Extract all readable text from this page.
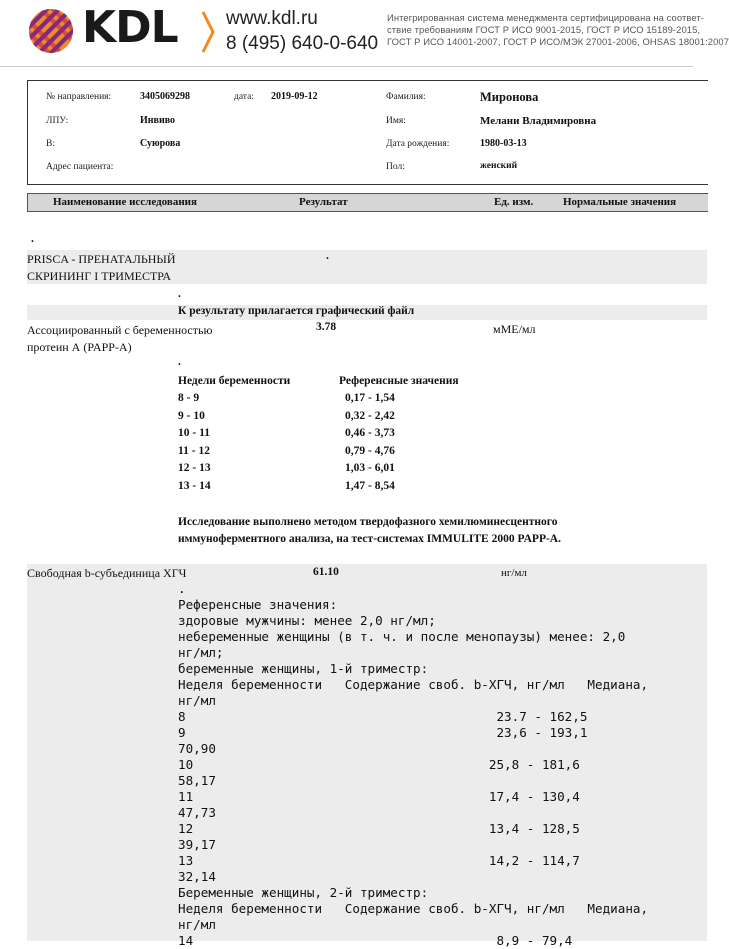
KDL	www.kdl.ru
8 (495) 640-0-640
Интегрированная система менеджмента сертифицирована на соответ-
ствие требованиям ГОСТ Р ИСО 9001-2015, ГОСТ Р ИСО 15189-2015,
ГОСТ Р ИСО 14001-2007, ГОСТ Р ИСО/МЭК 27001-2006, OHSAS 18001:2007
№ направления:	3405069298	дата: 2019-09-12	Фамилия:	Миронова
ЛПУ:	Инвиво	Имя:	Мелани Владимировна
В:	Суюрова	Дата рождения:	1980-03-13
Адрес пациента:	Пол:	женский
Наименование исследования	Результат	Ед. изм.	Нормальные значения
.
PRISCA - ПРЕНАТАЛЬНЫЙ
СКРИНИНГ I ТРИМЕСТРА
.
.
К результату прилагается графический файл
Ассоциированный с беременностью
протеин А (PAPP-A)
3.78	мМЕ/мл
.
Недели беременности	Референсные значения
8 - 9	0,17 - 1,54
9 - 10	0,32 - 2,42
10 - 11	0,46 - 3,73
11 - 12	0,79 - 4,76
12 - 13	1,03 - 6,01
13 - 14	1,47 - 8,54
Исследование выполнено методом твердофазного хемилюминесцентного
иммуноферментного анализа, на тест-системах IMMULITE 2000 PAPP-A.
Свободная b-субъединица ХГЧ	61.10	нг/мл
.
Референсные значения:
здоровые мужчины: менее 2,0 нг/мл;
небеременные женщины (в т. ч. и после менопаузы) менее: 2,0
нг/мл;
беременные женщины, 1-й триместр:
Неделя беременности   Содержание своб. b-ХГЧ, нг/мл   Медиана,
нг/мл
8                                         23.7 - 162,5
9                                         23,6 - 193,1
70,90
10                                       25,8 - 181,6
58,17
11                                       17,4 - 130,4
47,73
12                                       13,4 - 128,5
39,17
13                                       14,2 - 114,7
32,14
Беременные женщины, 2-й триместр:
Неделя беременности   Содержание своб. b-ХГЧ, нг/мл   Медиана,
нг/мл
14                                        8,9 - 79,4
